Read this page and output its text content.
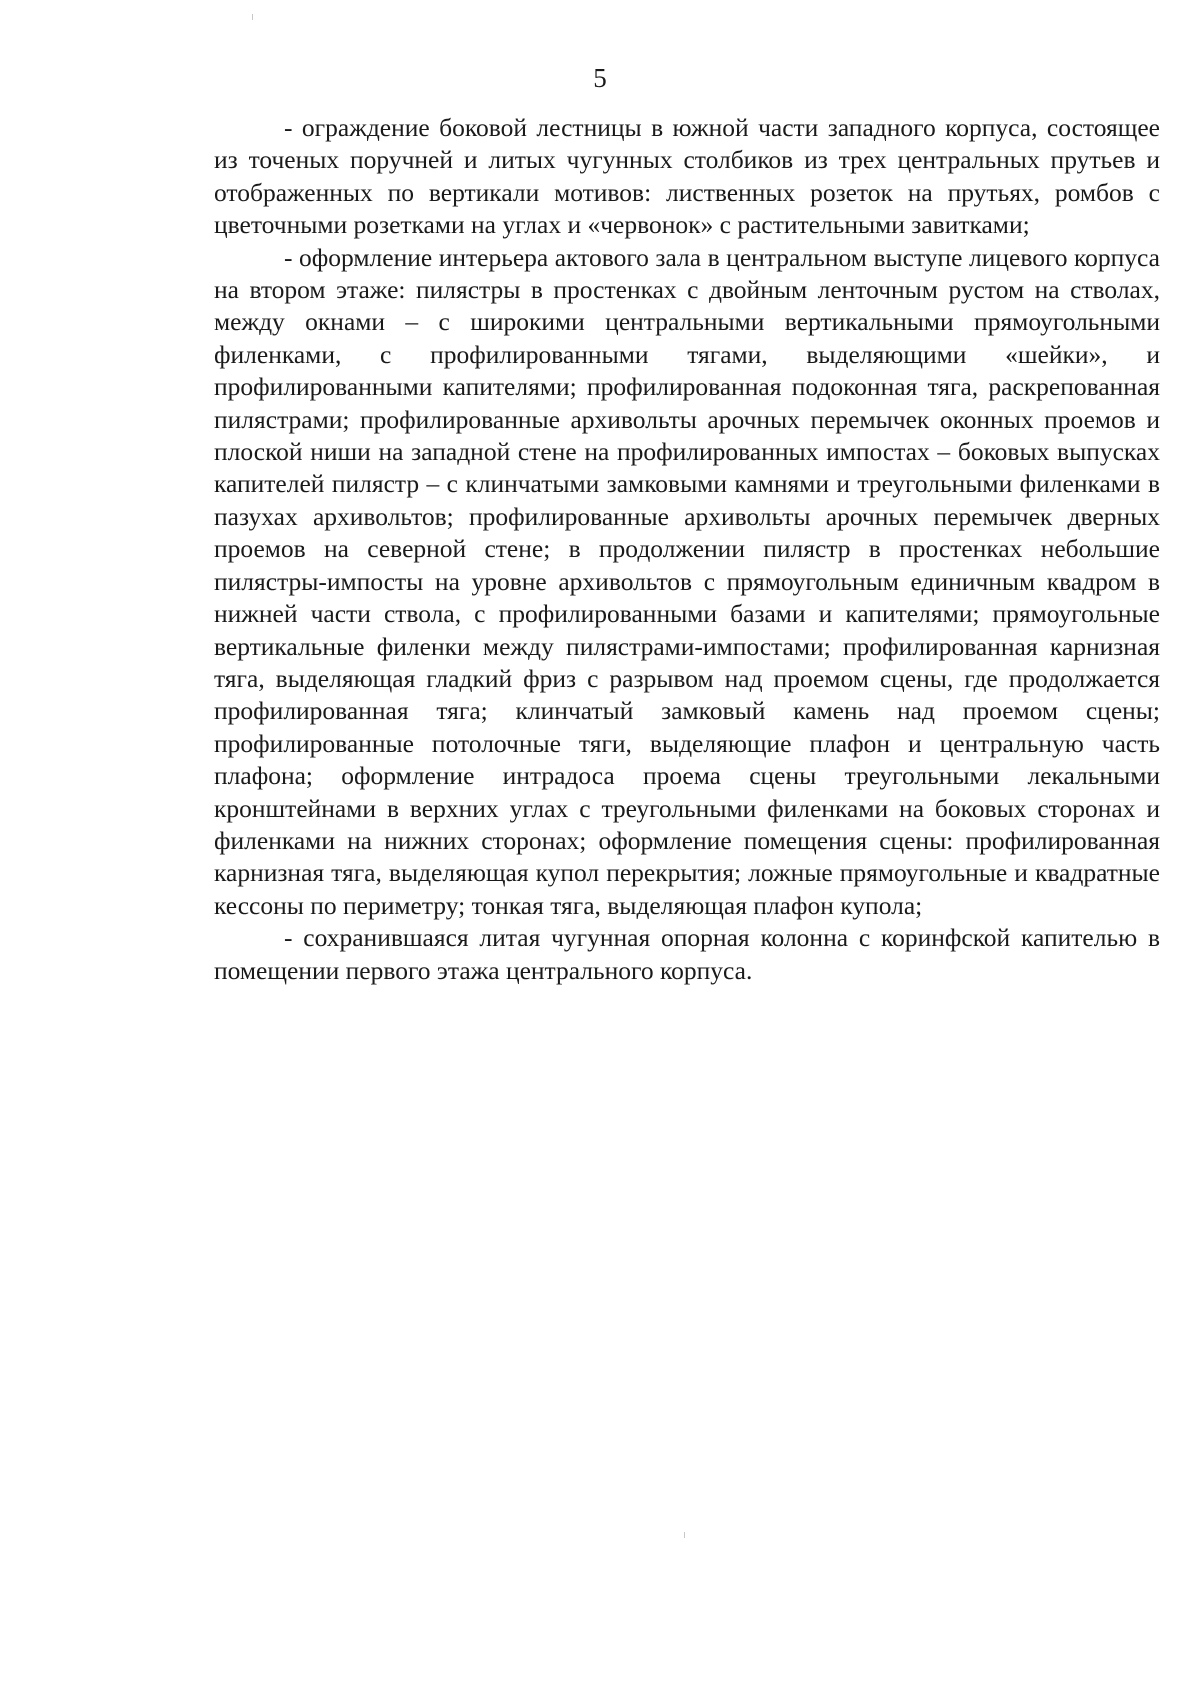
5

- ограждение боковой лестницы в южной части западного корпуса, состоящее из точеных поручней и литых чугунных столбиков из трех центральных прутьев и отображенных по вертикали мотивов: лиственных розеток на прутьях, ромбов с цветочными розетками на углах и «червонок» с растительными завитками;

- оформление интерьера актового зала в центральном выступе лицевого корпуса на втором этаже: пилястры в простенках с двойным ленточным рустом на стволах, между окнами – с широкими центральными вертикальными прямоугольными филенками, с профилированными тягами, выделяющими «шейки», и профилированными капителями; профилированная подоконная тяга, раскрепованная пилястрами; профилированные архивольты арочных перемычек оконных проемов и плоской ниши на западной стене на профилированных импостах – боковых выпусках капителей пилястр – с клинчатыми замковыми камнями и треугольными филенками в пазухах архивольтов; профилированные архивольты арочных перемычек дверных проемов на северной стене; в продолжении пилястр в простенках небольшие пилястры-импосты на уровне архивольтов с прямоугольным единичным квадром в нижней части ствола, с профилированными базами и капителями; прямоугольные вертикальные филенки между пилястрами-импостами; профилированная карнизная тяга, выделяющая гладкий фриз с разрывом над проемом сцены, где продолжается профилированная тяга; клинчатый замковый камень над проемом сцены; профилированные потолочные тяги, выделяющие плафон и центральную часть плафона; оформление интрадоса проема сцены треугольными лекальными кронштейнами в верхних углах с треугольными филенками на боковых сторонах и филенками на нижних сторонах; оформление помещения сцены: профилированная карнизная тяга, выделяющая купол перекрытия; ложные прямоугольные и квадратные кессоны по периметру; тонкая тяга, выделяющая плафон купола;

- сохранившаяся литая чугунная опорная колонна с коринфской капителью в помещении первого этажа центрального корпуса.
